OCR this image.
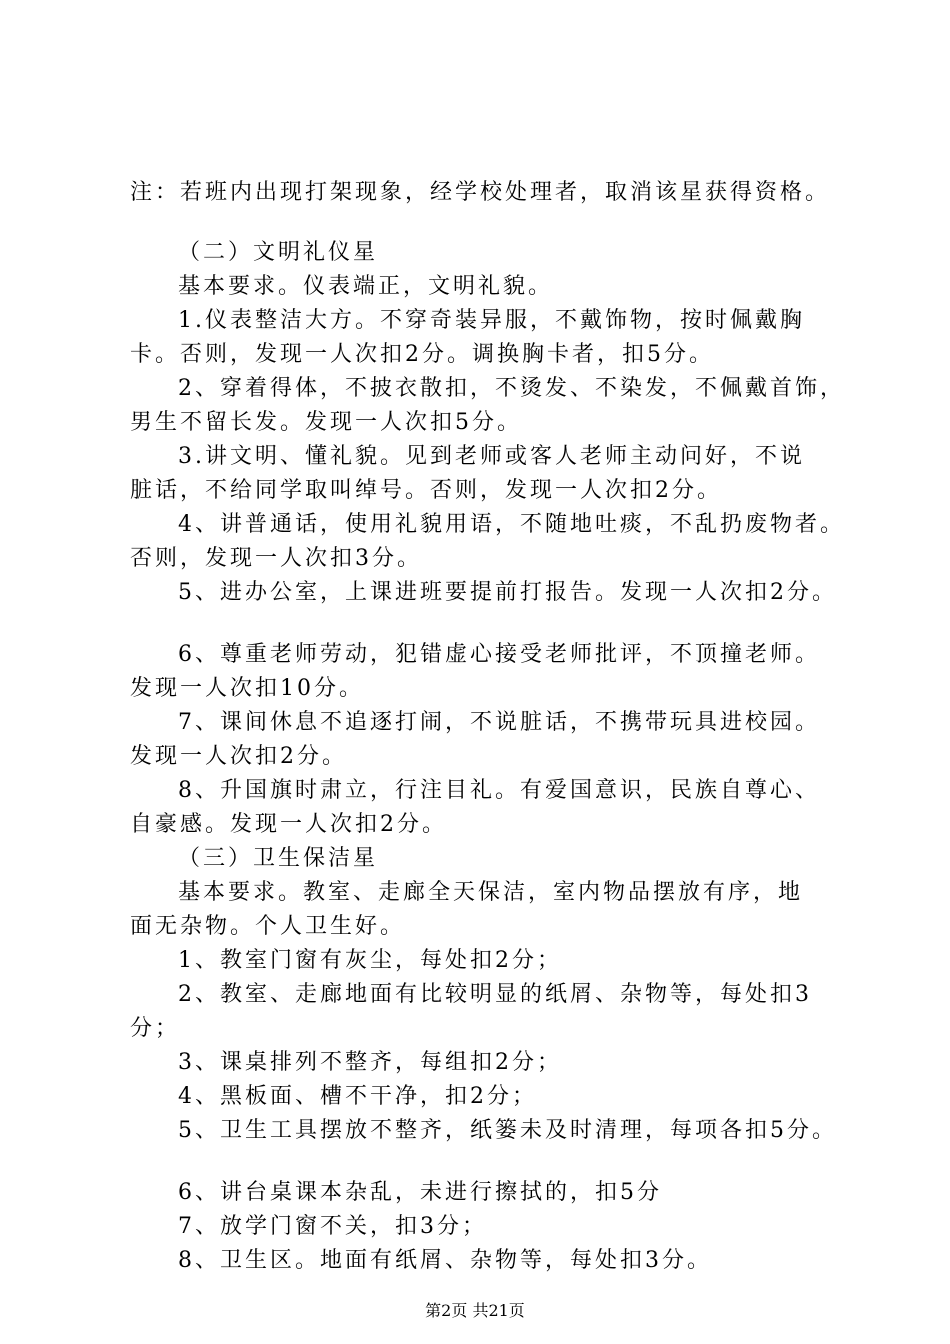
注：若班内出现打架现象，经学校处理者，取消该星获得资格。
（二）文明礼仪星
基本要求。仪表端正，文明礼貌。
1.仪表整洁大方。不穿奇装异服，不戴饰物，按时佩戴胸
卡。否则，发现一人次扣2分。调换胸卡者，扣5分。
2、穿着得体，不披衣散扣，不烫发、不染发，不佩戴首饰，
男生不留长发。发现一人次扣5分。
3.讲文明、懂礼貌。见到老师或客人老师主动问好，不说
脏话，不给同学取叫绰号。否则，发现一人次扣2分。
4、讲普通话，使用礼貌用语，不随地吐痰，不乱扔废物者。
否则，发现一人次扣3分。
5、进办公室，上课进班要提前打报告。发现一人次扣2分。
6、尊重老师劳动，犯错虚心接受老师批评，不顶撞老师。
发现一人次扣10分。
7、课间休息不追逐打闹，不说脏话，不携带玩具进校园。
发现一人次扣2分。
8、升国旗时肃立，行注目礼。有爱国意识，民族自尊心、
自豪感。发现一人次扣2分。
（三）卫生保洁星
基本要求。教室、走廊全天保洁，室内物品摆放有序，地
面无杂物。个人卫生好。
1、教室门窗有灰尘，每处扣2分；
2、教室、走廊地面有比较明显的纸屑、杂物等，每处扣3
分；
3、课桌排列不整齐，每组扣2分；
4、黑板面、槽不干净，扣2分；
5、卫生工具摆放不整齐，纸篓未及时清理，每项各扣5分。
6、讲台桌课本杂乱，未进行擦拭的，扣5分
7、放学门窗不关，扣3分；
8、卫生区。地面有纸屑、杂物等，每处扣3分。
第2页 共21页
